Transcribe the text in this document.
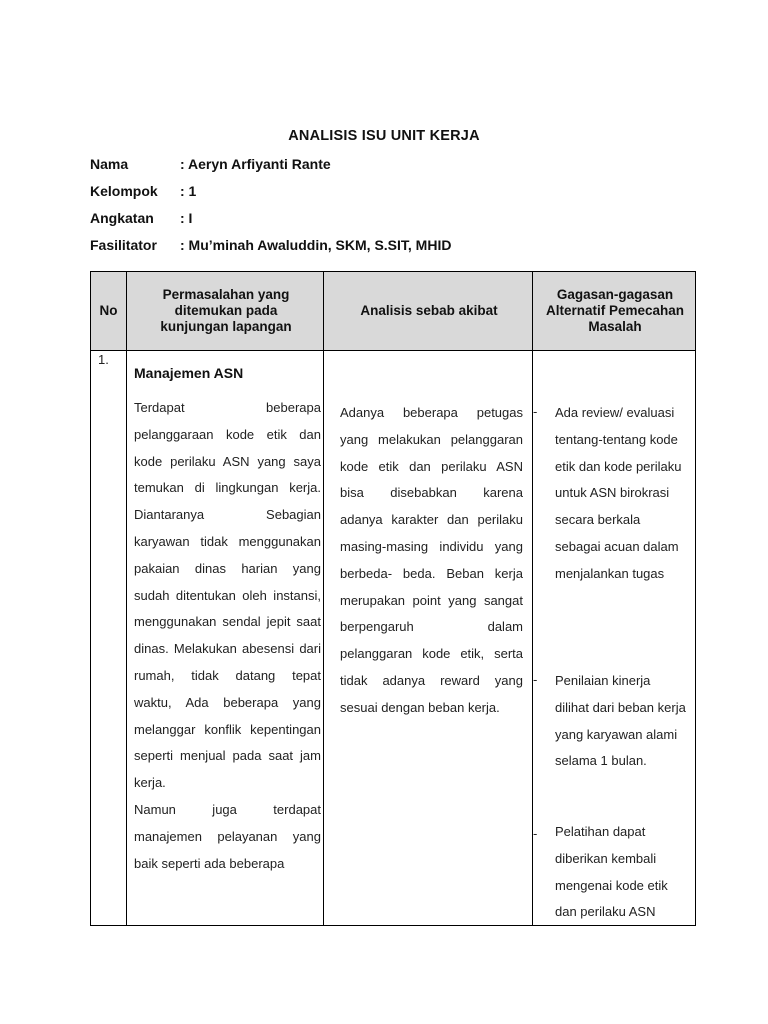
ANALISIS ISU UNIT KERJA
Nama	: Aeryn Arfiyanti Rante
Kelompok : 1
Angkatan : I
Fasilitator : Mu’minah Awaluddin, SKM, S.SIT, MHID
No
Permasalahan yang ditemukan pada kunjungan lapangan
Analisis sebab akibat
Gagasan-gagasan Alternatif Pemecahan Masalah
1.
Manajemen ASN
Terdapat beberapa pelanggaraan kode etik dan kode perilaku ASN yang saya temukan di lingkungan kerja. Diantaranya Sebagian karyawan tidak menggunakan pakaian dinas harian yang sudah ditentukan oleh instansi, menggunakan sendal jepit saat dinas. Melakukan abesensi dari rumah, tidak datang tepat waktu, Ada beberapa yang melanggar konflik kepentingan seperti menjual pada saat jam kerja.
Namun juga terdapat manajemen pelayanan yang baik seperti ada beberapa
Adanya beberapa petugas yang melakukan pelanggaran kode etik dan perilaku ASN bisa disebabkan karena adanya karakter dan perilaku masing-masing individu yang berbeda- beda. Beban kerja merupakan point yang sangat berpengaruh dalam pelanggaran kode etik, serta tidak adanya reward yang sesuai dengan beban kerja.
- Ada review/ evaluasi tentang-tentang kode etik dan kode perilaku untuk ASN birokrasi secara berkala sebagai acuan dalam menjalankan tugas
- Penilaian kinerja dilihat dari beban kerja yang karyawan alami selama 1 bulan.
- Pelatihan dapat diberikan kembali mengenai kode etik dan perilaku ASN
